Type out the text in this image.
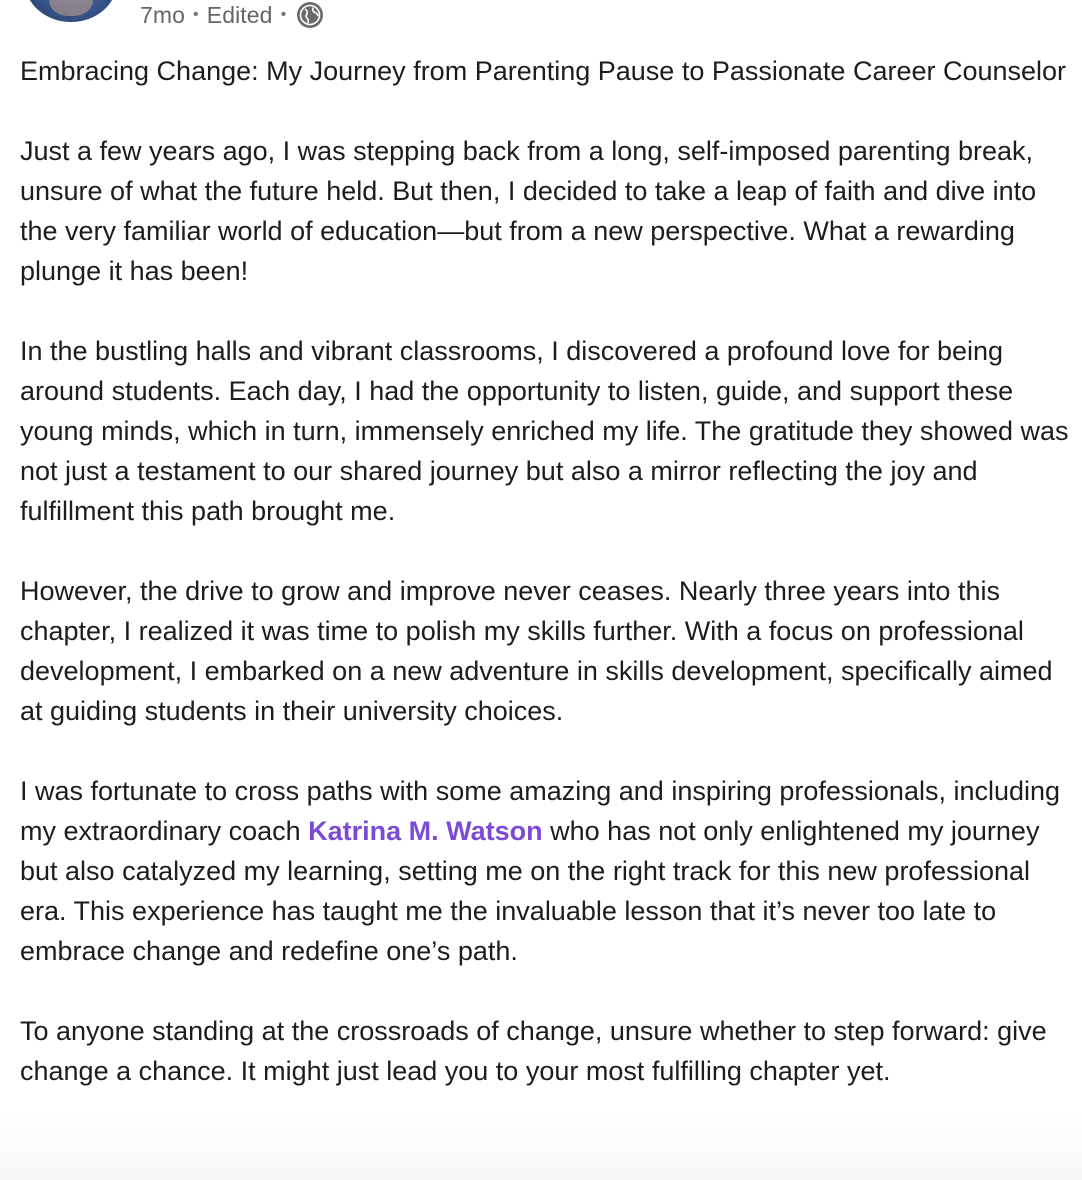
7mo • Edited •

Embracing Change: My Journey from Parenting Pause to Passionate Career Counselor

Just a few years ago, I was stepping back from a long, self-imposed parenting break, unsure of what the future held. But then, I decided to take a leap of faith and dive into the very familiar world of education—but from a new perspective. What a rewarding plunge it has been!

In the bustling halls and vibrant classrooms, I discovered a profound love for being around students. Each day, I had the opportunity to listen, guide, and support these young minds, which in turn, immensely enriched my life. The gratitude they showed was not just a testament to our shared journey but also a mirror reflecting the joy and fulfillment this path brought me.

However, the drive to grow and improve never ceases. Nearly three years into this chapter, I realized it was time to polish my skills further. With a focus on professional development, I embarked on a new adventure in skills development, specifically aimed at guiding students in their university choices.

I was fortunate to cross paths with some amazing and inspiring professionals, including my extraordinary coach Katrina M. Watson who has not only enlightened my journey but also catalyzed my learning, setting me on the right track for this new professional era. This experience has taught me the invaluable lesson that it’s never too late to embrace change and redefine one’s path.

To anyone standing at the crossroads of change, unsure whether to step forward: give change a chance. It might just lead you to your most fulfilling chapter yet.
